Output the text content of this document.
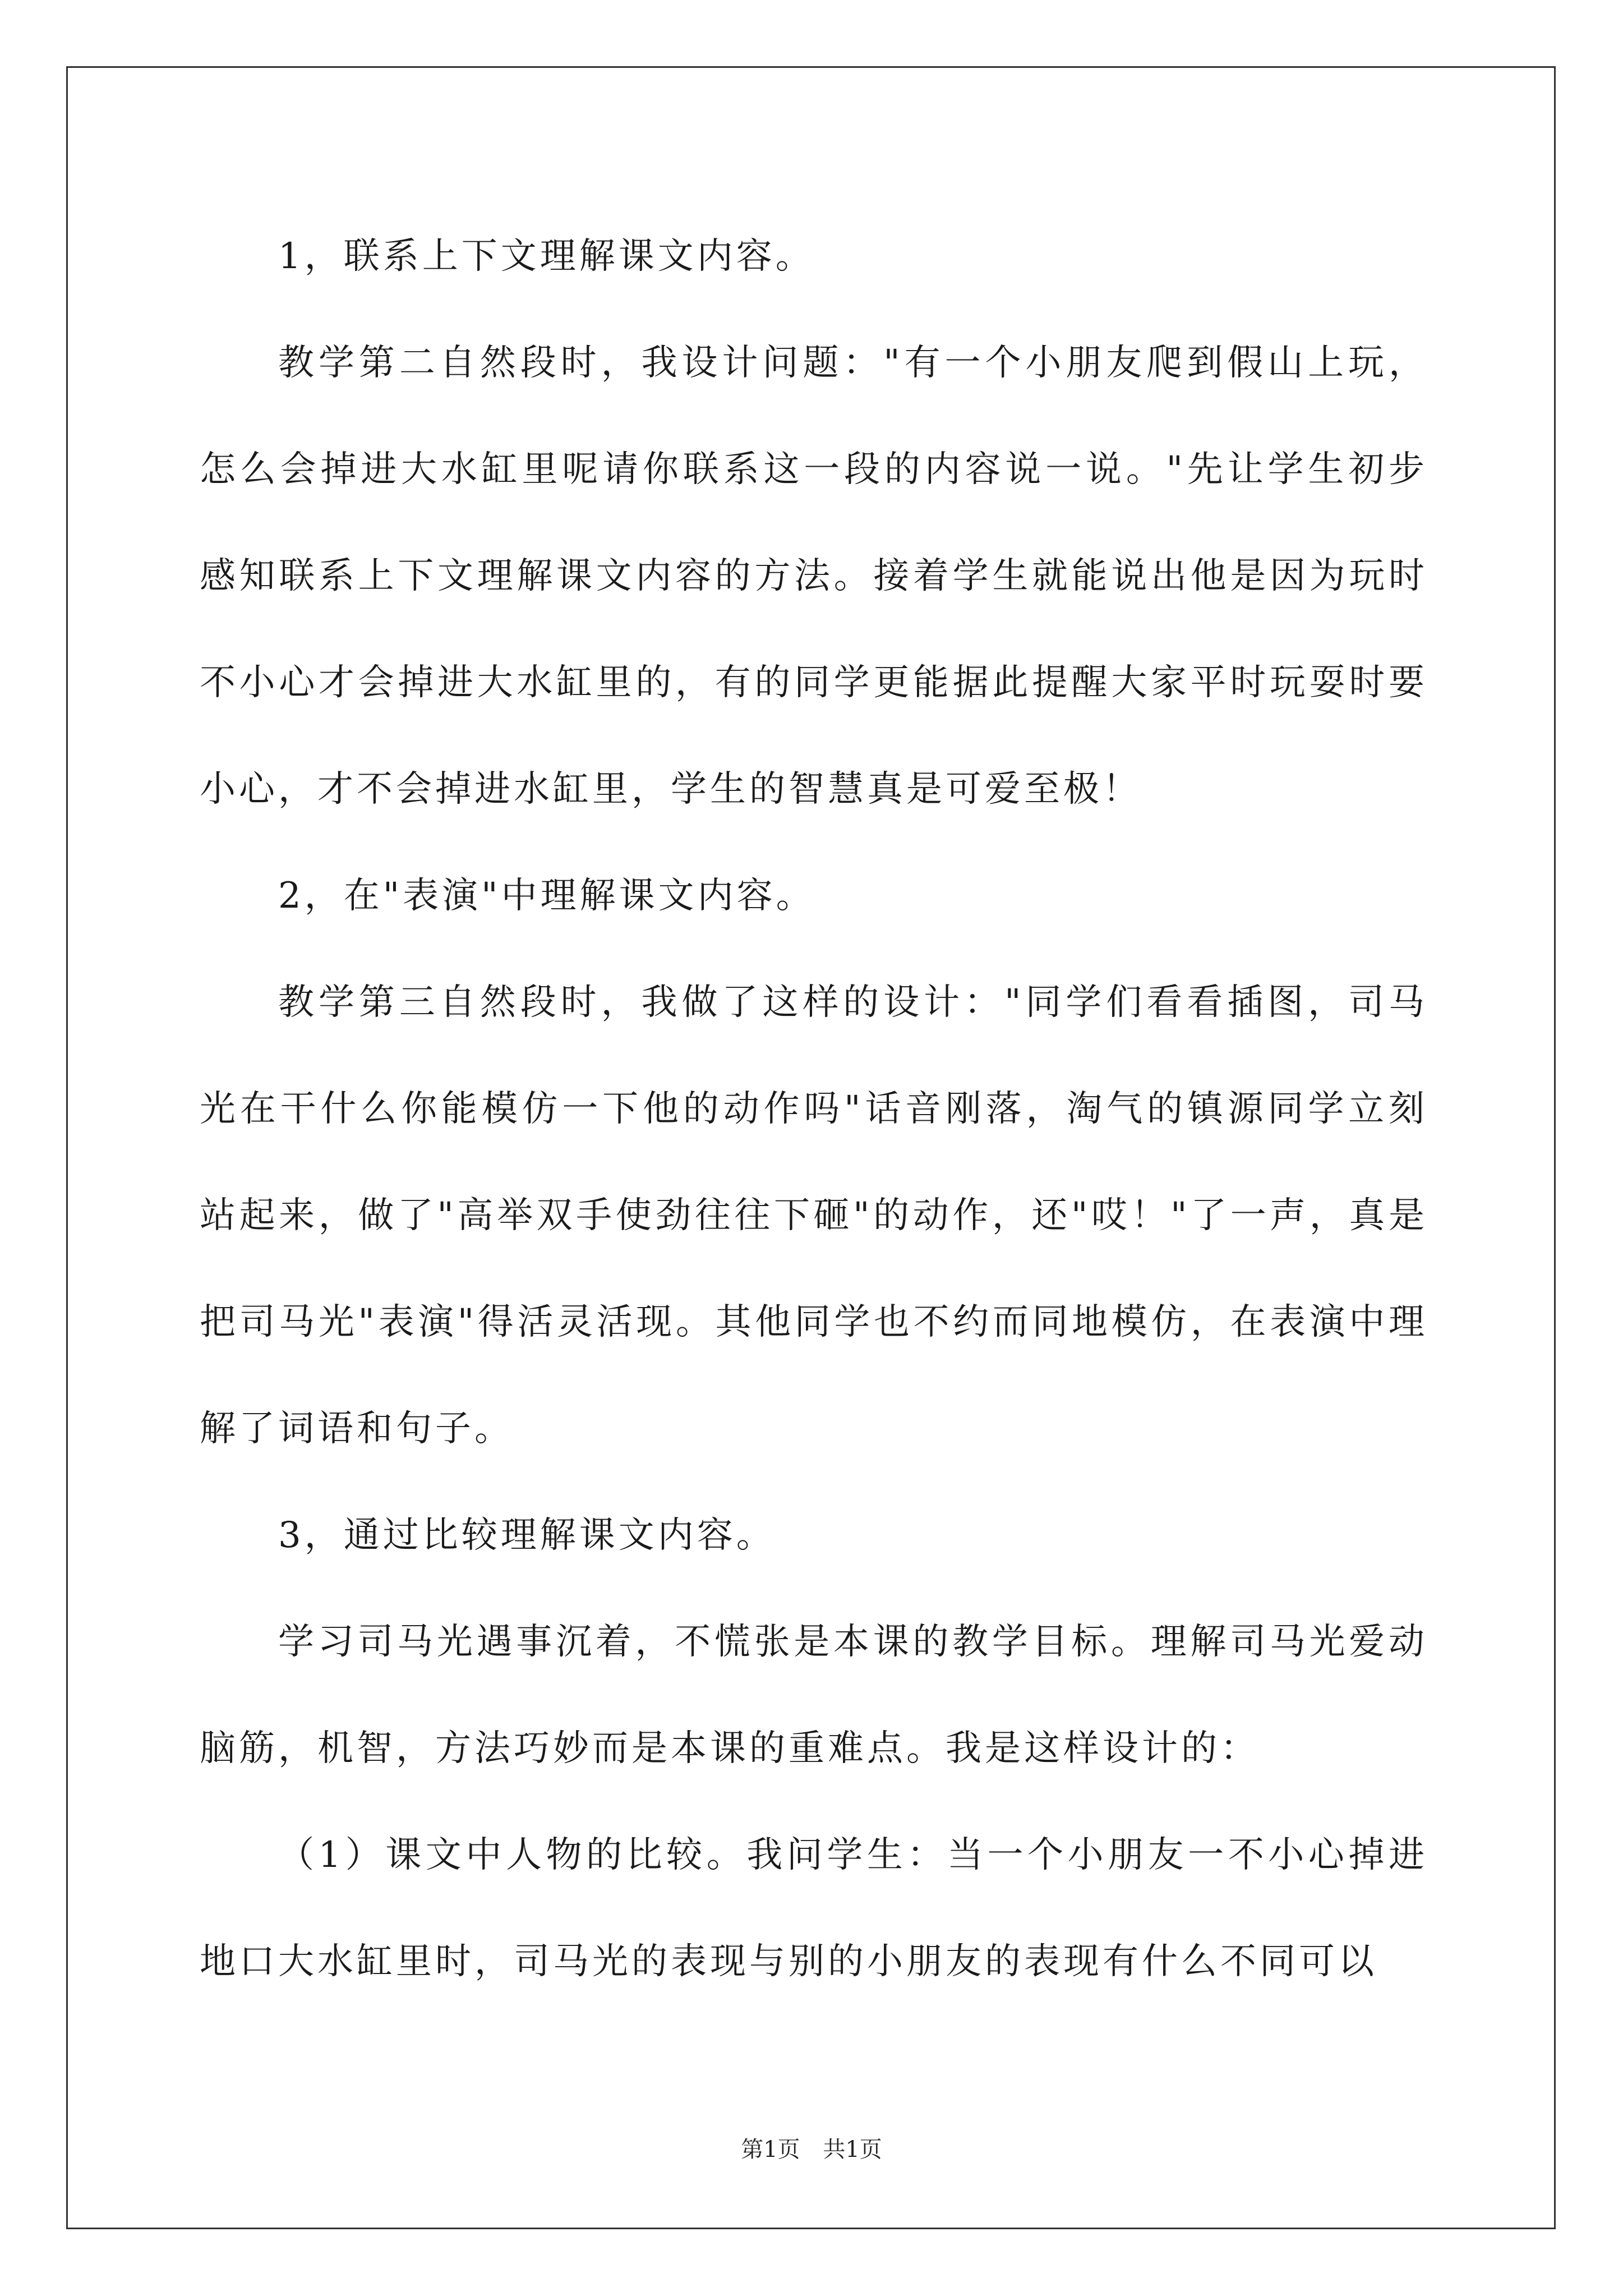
1，联系上下文理解课文内容。

教学第二自然段时，我设计问题："有一个小朋友爬到假山上玩，怎么会掉进大水缸里呢请你联系这一段的内容说一说。"先让学生初步感知联系上下文理解课文内容的方法。接着学生就能说出他是因为玩时不小心才会掉进大水缸里的，有的同学更能据此提醒大家平时玩耍时要小心，才不会掉进水缸里，学生的智慧真是可爱至极！

2，在"表演"中理解课文内容。

教学第三自然段时，我做了这样的设计："同学们看看插图，司马光在干什么你能模仿一下他的动作吗"话音刚落，淘气的镇源同学立刻站起来，做了"高举双手使劲往往下砸"的动作，还"哎！"了一声，真是把司马光"表演"得活灵活现。其他同学也不约而同地模仿，在表演中理解了词语和句子。

3，通过比较理解课文内容。

学习司马光遇事沉着，不慌张是本课的教学目标。理解司马光爱动脑筋，机智，方法巧妙而是本课的重难点。我是这样设计的：

（1）课文中人物的比较。我问学生：当一个小朋友一不小心掉进地口大水缸里时，司马光的表现与别的小朋友的表现有什么不同可以

第1页 共1页
